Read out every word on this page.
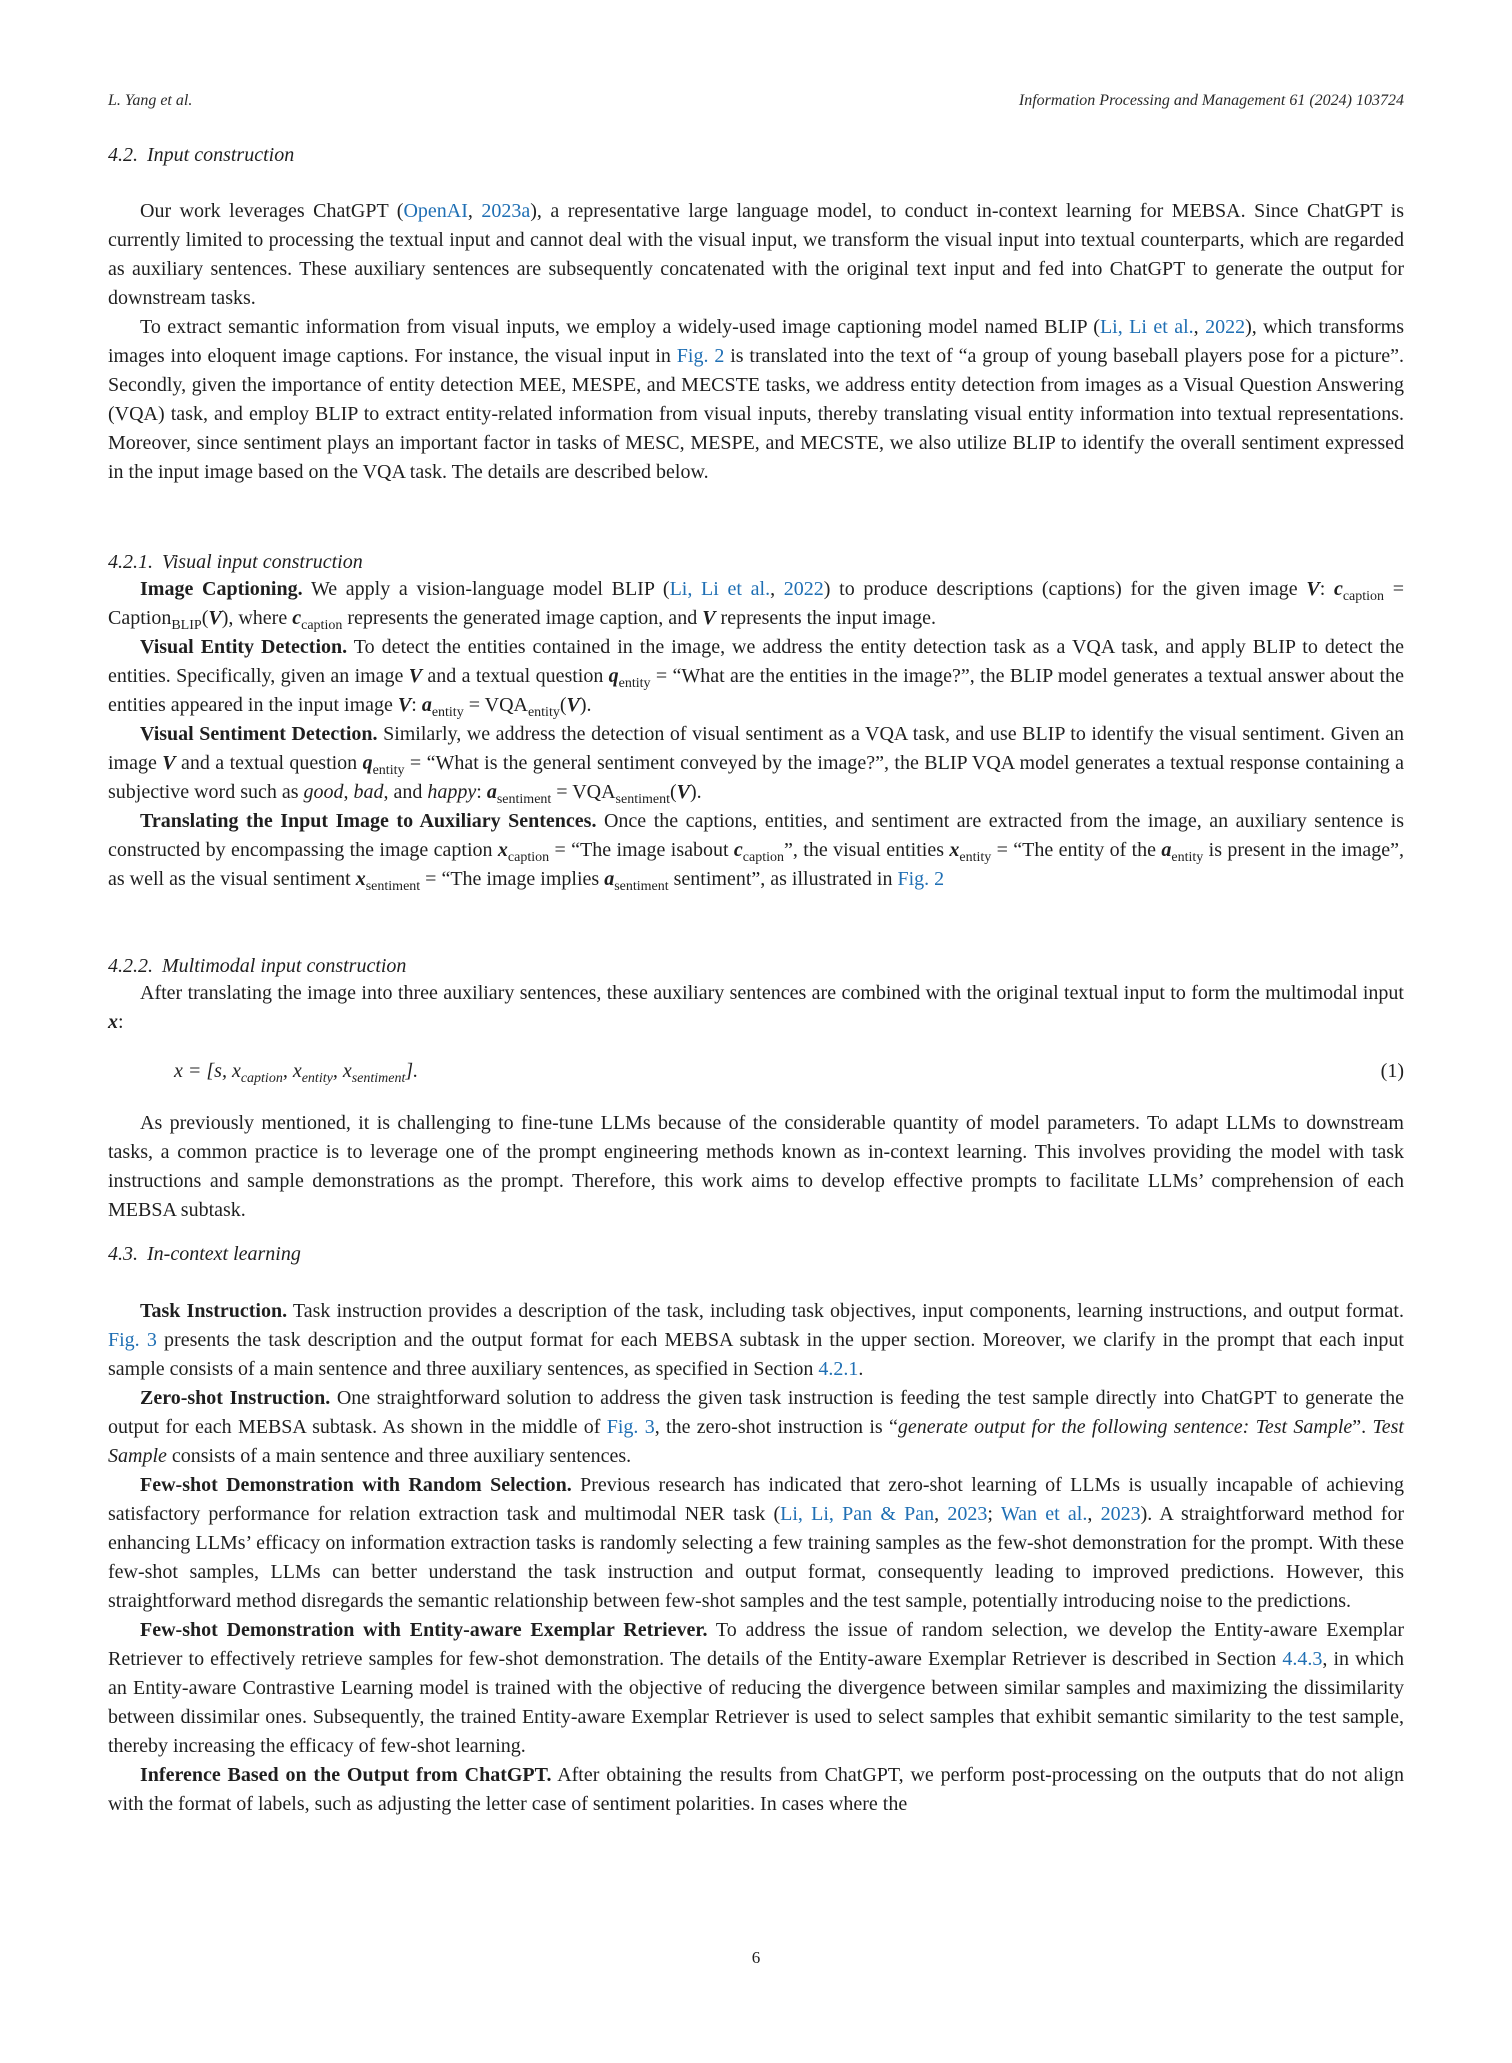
L. Yang et al.	Information Processing and Management 61 (2024) 103724
4.2. Input construction

Our work leverages ChatGPT (OpenAI, 2023a), a representative large language model, to conduct in-context learning for MEBSA. Since ChatGPT is currently limited to processing the textual input and cannot deal with the visual input, we transform the visual input into textual counterparts, which are regarded as auxiliary sentences. These auxiliary sentences are subsequently concatenated with the original text input and fed into ChatGPT to generate the output for downstream tasks.

To extract semantic information from visual inputs, we employ a widely-used image captioning model named BLIP (Li, Li et al., 2022), which transforms images into eloquent image captions. For instance, the visual input in Fig. 2 is translated into the text of “a group of young baseball players pose for a picture”. Secondly, given the importance of entity detection MEE, MESPE, and MECSTE tasks, we address entity detection from images as a Visual Question Answering (VQA) task, and employ BLIP to extract entity-related information from visual inputs, thereby translating visual entity information into textual representations. Moreover, since sentiment plays an important factor in tasks of MESC, MESPE, and MECSTE, we also utilize BLIP to identify the overall sentiment expressed in the input image based on the VQA task. The details are described below.

4.2.1. Visual input construction

Image Captioning. We apply a vision-language model BLIP (Li, Li et al., 2022) to produce descriptions (captions) for the given image V: $c_{caption}$ = Caption$_{BLIP}$(V), where $c_{caption}$ represents the generated image caption, and V represents the input image.

Visual Entity Detection. To detect the entities contained in the image, we address the entity detection task as a VQA task, and apply BLIP to detect the entities. Specifically, given an image V and a textual question $q_{entity}$ = “What are the entities in the image?”, the BLIP model generates a textual answer about the entities appeared in the input image V: $a_{entity} = VQA_{entity}(V)$.

Visual Sentiment Detection. Similarly, we address the detection of visual sentiment as a VQA task, and use BLIP to identify the visual sentiment. Given an image V and a textual question $q_{entity}$ = “What is the general sentiment conveyed by the image?”, the BLIP VQA model generates a textual response containing a subjective word such as good, bad, and happy: $a_{sentiment} = VQA_{sentiment}(V)$.

Translating the Input Image to Auxiliary Sentences. Once the captions, entities, and sentiment are extracted from the image, an auxiliary sentence is constructed by encompassing the image caption $x_{caption}$ = “The image isabout $c_{caption}$”, the visual entities $x_{entity}$ = “The entity of the $a_{entity}$ is present in the image”, as well as the visual sentiment $x_{sentiment}$ = “The image implies $a_{sentiment}$ sentiment”, as illustrated in Fig. 2

4.2.2. Multimodal input construction

After translating the image into three auxiliary sentences, these auxiliary sentences are combined with the original textual input to form the multimodal input x:

x = [s, $x_{caption}$, $x_{entity}$, $x_{sentiment}$].	(1)

As previously mentioned, it is challenging to fine-tune LLMs because of the considerable quantity of model parameters. To adapt LLMs to downstream tasks, a common practice is to leverage one of the prompt engineering methods known as in-context learning. This involves providing the model with task instructions and sample demonstrations as the prompt. Therefore, this work aims to develop effective prompts to facilitate LLMs’ comprehension of each MEBSA subtask.

4.3. In-context learning

Task Instruction. Task instruction provides a description of the task, including task objectives, input components, learning instructions, and output format. Fig. 3 presents the task description and the output format for each MEBSA subtask in the upper section. Moreover, we clarify in the prompt that each input sample consists of a main sentence and three auxiliary sentences, as specified in Section 4.2.1.

Zero-shot Instruction. One straightforward solution to address the given task instruction is feeding the test sample directly into ChatGPT to generate the output for each MEBSA subtask. As shown in the middle of Fig. 3, the zero-shot instruction is “generate output for the following sentence: Test Sample”. Test Sample consists of a main sentence and three auxiliary sentences.

Few-shot Demonstration with Random Selection. Previous research has indicated that zero-shot learning of LLMs is usually incapable of achieving satisfactory performance for relation extraction task and multimodal NER task (Li, Li, Pan & Pan, 2023; Wan et al., 2023). A straightforward method for enhancing LLMs’ efficacy on information extraction tasks is randomly selecting a few training samples as the few-shot demonstration for the prompt. With these few-shot samples, LLMs can better understand the task instruction and output format, consequently leading to improved predictions. However, this straightforward method disregards the semantic relationship between few-shot samples and the test sample, potentially introducing noise to the predictions.

Few-shot Demonstration with Entity-aware Exemplar Retriever. To address the issue of random selection, we develop the Entity-aware Exemplar Retriever to effectively retrieve samples for few-shot demonstration. The details of the Entity-aware Exemplar Retriever is described in Section 4.4.3, in which an Entity-aware Contrastive Learning model is trained with the objective of reducing the divergence between similar samples and maximizing the dissimilarity between dissimilar ones. Subsequently, the trained Entity-aware Exemplar Retriever is used to select samples that exhibit semantic similarity to the test sample, thereby increasing the efficacy of few-shot learning.

Inference Based on the Output from ChatGPT. After obtaining the results from ChatGPT, we perform post-processing on the outputs that do not align with the format of labels, such as adjusting the letter case of sentiment polarities. In cases where the

6
